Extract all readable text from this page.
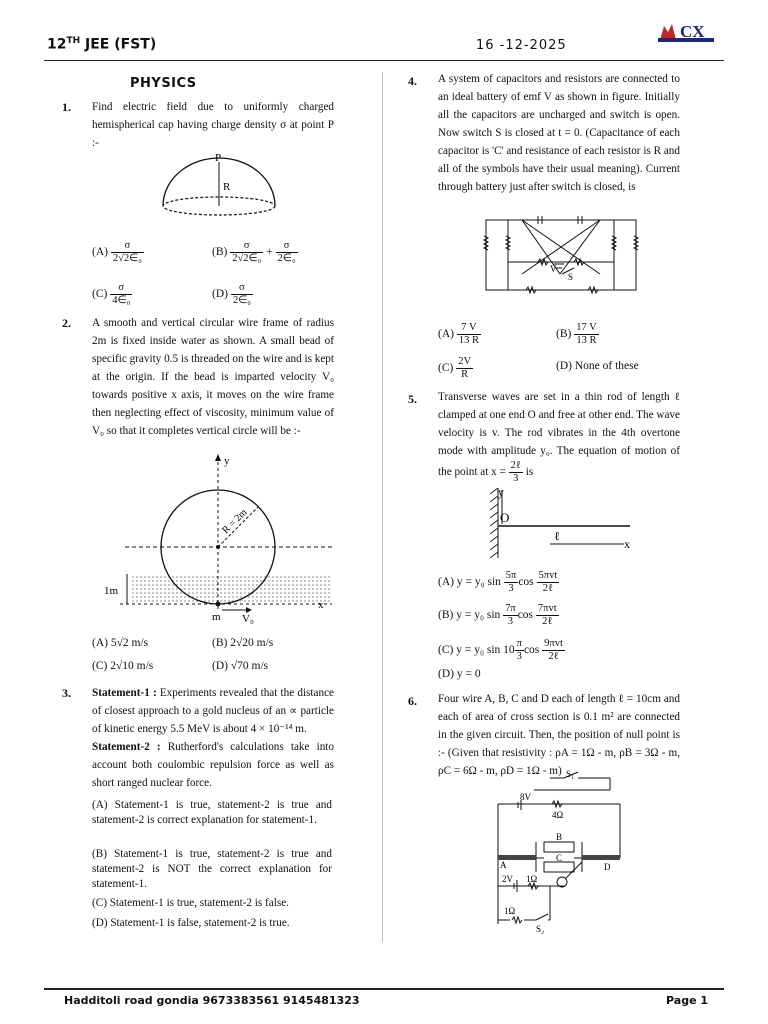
12TH JEE (FST)	16 -12-2025
CX
PHYSICS
1. Find electric field due to uniformly charged hemispherical cap having charge density σ at point P :-
P
R
$(A) \frac{\sigma}{\text{2√2∈₀}}$	$(B) \frac{\sigma}{\text{2√2∈₀}} + \frac{\sigma}{\text{2∈₀}}$
$(C) \frac{\sigma}{\text{4∈₀}}$	$(D) \frac{\sigma}{\text{2∈₀}}$
2. A smooth and vertical circular wire frame of radius 2m is fixed inside water as shown. A small bead of specific gravity 0.5 is threaded on the wire and is kept at the origin. If the bead is imparted velocity V₀ towards positive x axis, it moves on the wire frame then neglecting effect of viscosity, minimum value of V₀ so that it completes vertical circle will be :-
y
x
R = 2m
1m
m V₀
(A) 5√2 m/s	(B) 2√20 m/s
(C) 2√10 m/s	(D) √70 m/s
3. Statement-1 : Experiments revealed that the distance of closest approach to a gold nucleus of an ∝ particle of kinetic energy 5.5 MeV is about 4 × 10⁻¹⁴ m.
Statement-2 : Rutherford's calculations take into account both coulombic repulsion force as well as short ranged nuclear force.
(A) Statement-1 is true, statement-2 is true and statement-2 is correct explanation for statement-1.
(B) Statement-1 is true, statement-2 is true and statement-2 is NOT the correct explanation for statement-1.
(C) Statement-1 is true, statement-2 is false.
(D) Statement-1 is false, statement-2 is true.
4. A system of capacitors and resistors are connected to an ideal battery of emf V as shown in figure. Initially all the capacitors are uncharged and switch is open. Now switch S is closed at t = 0. (Capacitance of each capacitor is 'C' and resistance of each resistor is R and all of the symbols have their usual meaning). Current through battery just after switch is closed, is
V
S
$(A) \frac{7 V}{13 R}$	$(B) \frac{17 V}{13 R}$
$(C) \frac{2V}{R}$	(D) None of these
5. Transverse waves are set in a thin rod of length ℓ clamped at one end O and free at other end. The wave velocity is v. The rod vibrates in the 4th overtone mode with amplitude y₀. The equation of motion of the point at $x = \frac{\text{2ℓ}}{3}$ is
y
O
x
ℓ
(A) y = y₀ $\sin \frac{5\pi}{3}$ $\cos \frac{\text{5πvt}}{\text{2ℓ}}$
(B) y = y₀ $\sin \frac{7\pi}{3}$ $\cos \frac{\text{7πvt}}{\text{2ℓ}}$
(C) y = y₀ $\sin 10 \frac{\pi}{3}$ $\cos \frac{\text{9πvt}}{\text{2ℓ}}$
(D) y = 0
6. Four wire A, B, C and D each of length ℓ = 10cm and each of area of cross section is 0.1 m² are connected in the given circuit. Then, the position of null point is :- (Given that resistivity : ρA = 1Ω - m, ρB = 3Ω - m, ρC = 6Ω - m, ρD = 1Ω - m) S₁
8V
4Ω
B
C
A	D
2V 1Ω
1Ω
S₂
Hadditoli road gondia 9673383561 9145481323	Page 1
